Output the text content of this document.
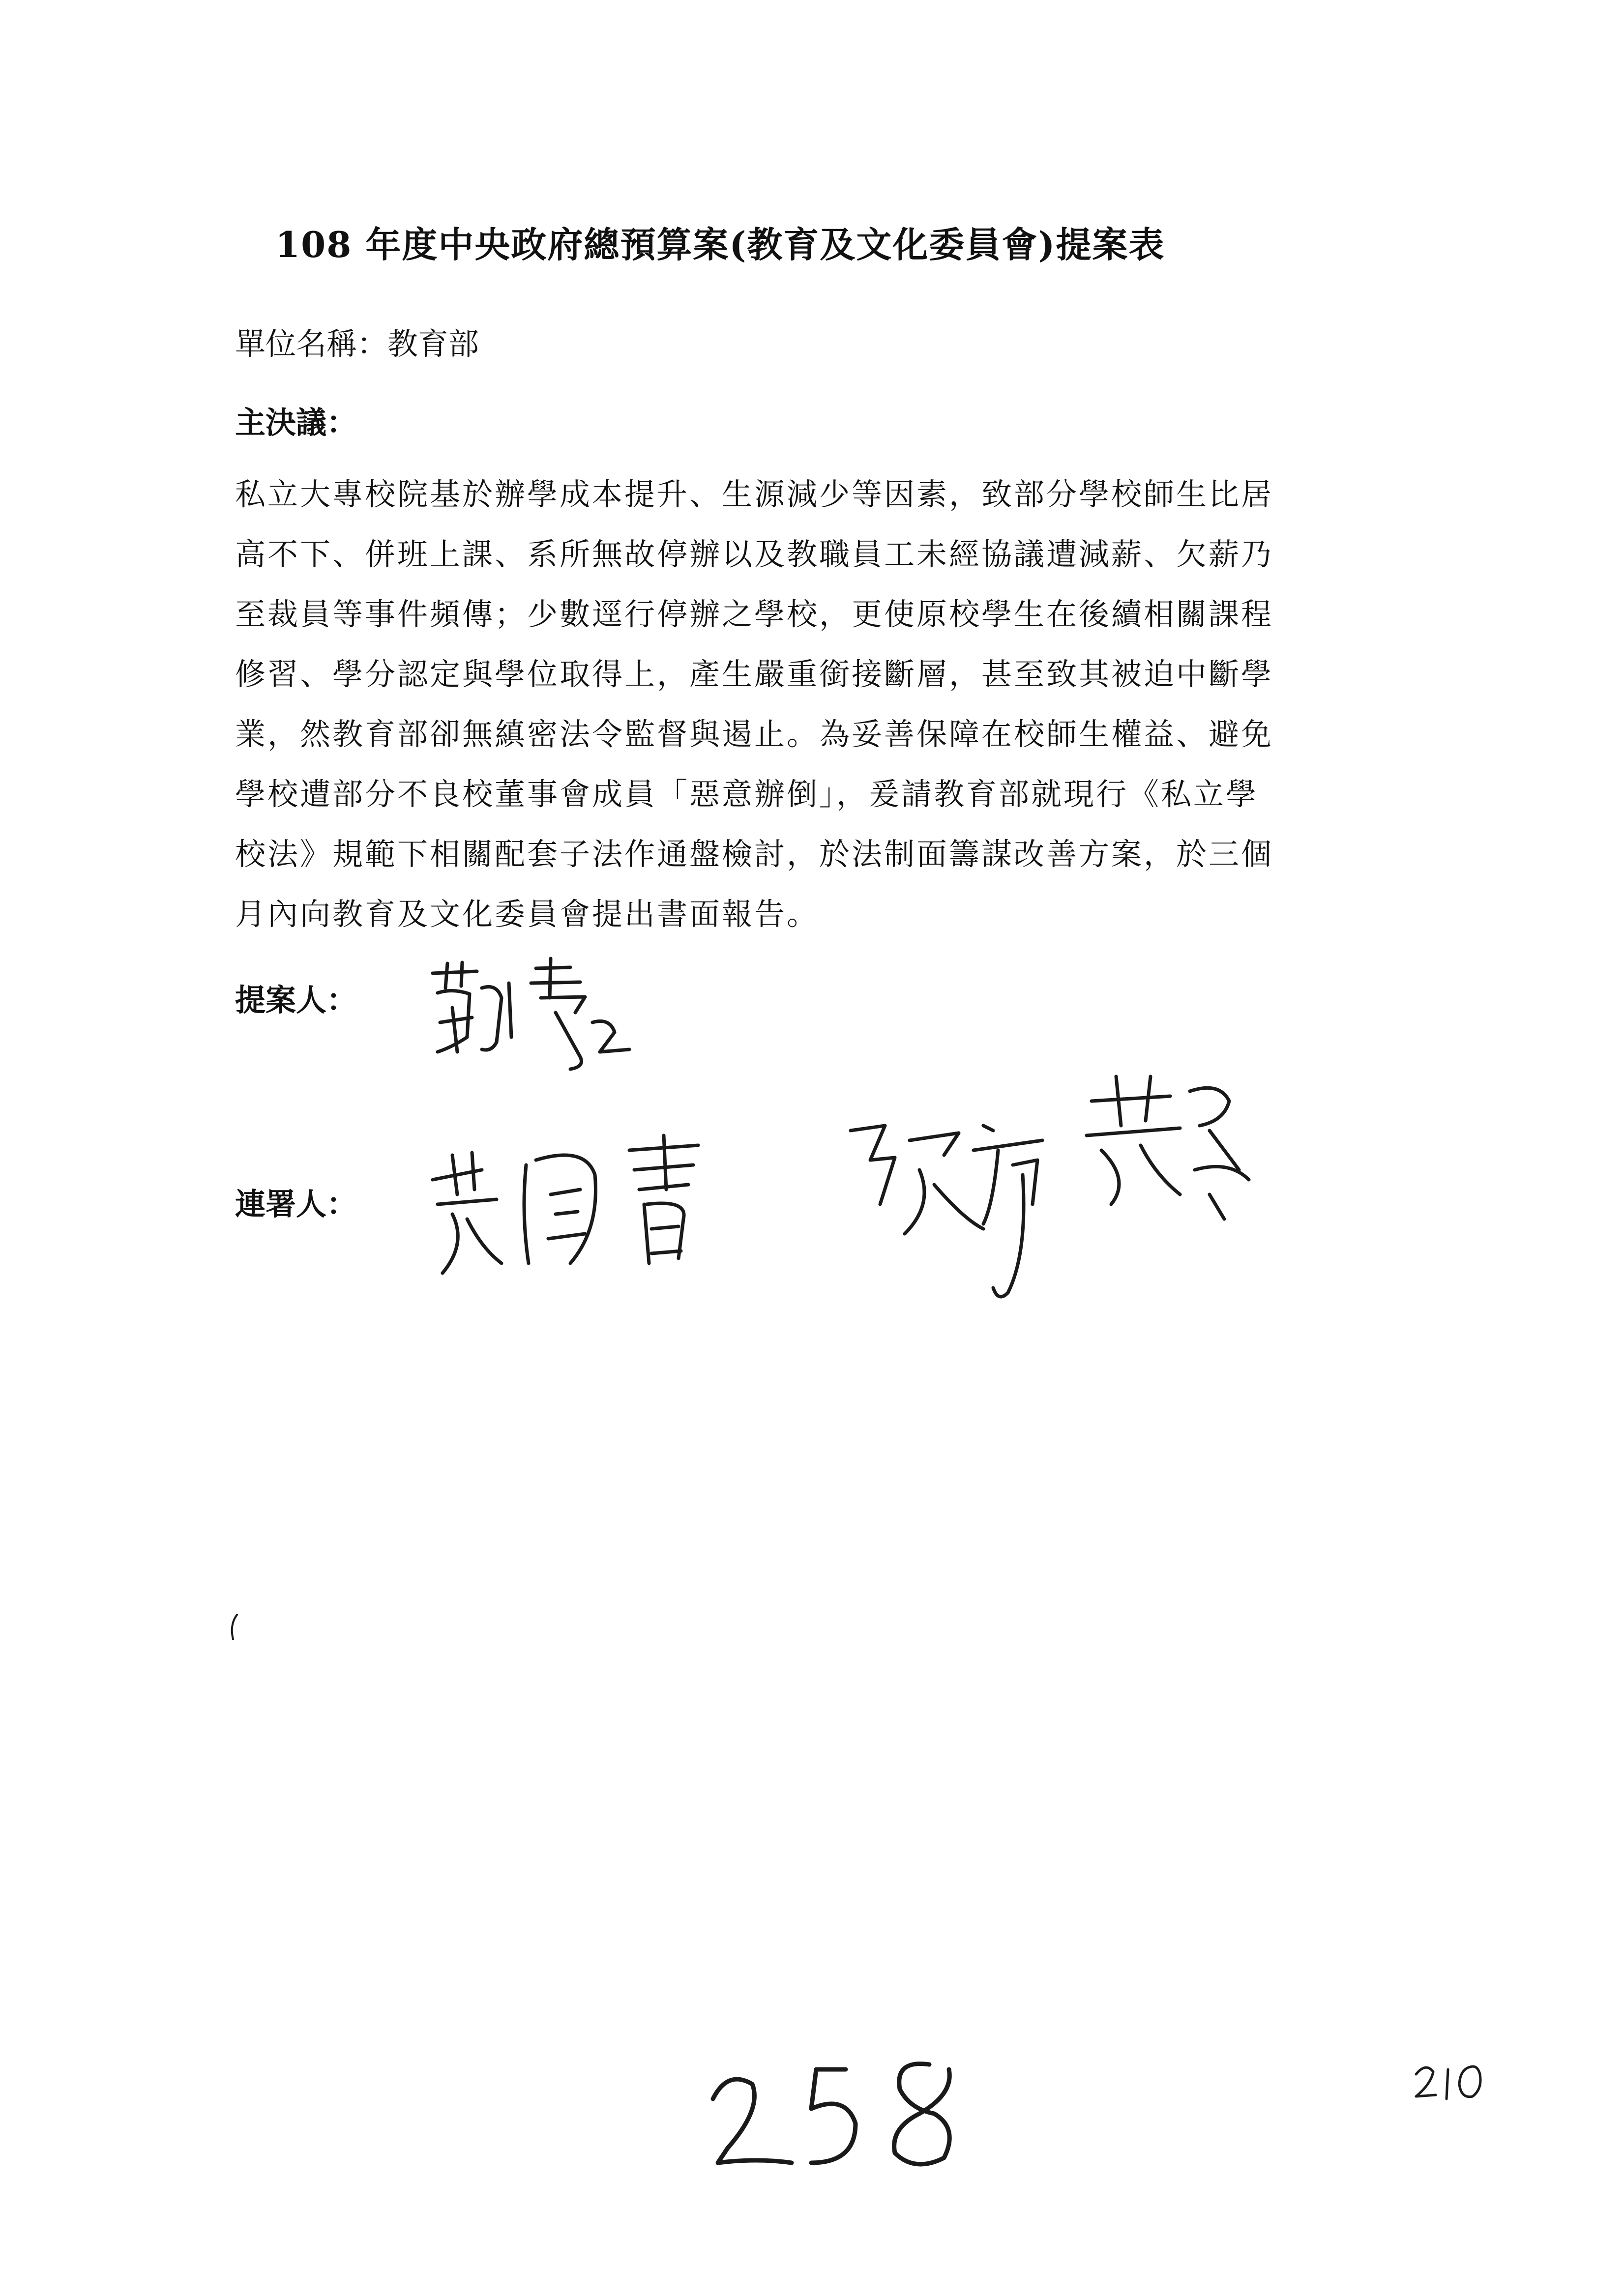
108 年度中央政府總預算案(教育及文化委員會)提案表
單位名稱：教育部
主決議：
私立大專校院基於辦學成本提升、生源減少等因素，致部分學校師生比居
高不下、併班上課、系所無故停辦以及教職員工未經協議遭減薪、欠薪乃
至裁員等事件頻傳；少數逕行停辦之學校，更使原校學生在後續相關課程
修習、學分認定與學位取得上，產生嚴重銜接斷層，甚至致其被迫中斷學
業，然教育部卻無縝密法令監督與遏止。為妥善保障在校師生權益、避免
學校遭部分不良校董事會成員「惡意辦倒」，爰請教育部就現行《私立學
校法》規範下相關配套子法作通盤檢討，於法制面籌謀改善方案，於三個
月內向教育及文化委員會提出書面報告。
提案人：
連署人：
